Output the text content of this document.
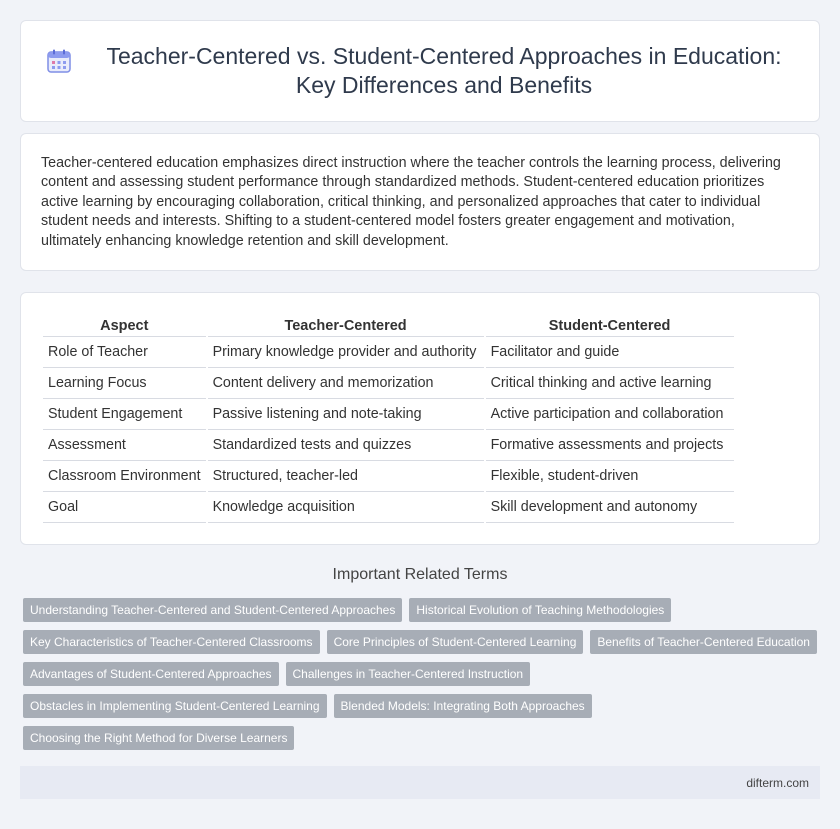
Teacher-Centered vs. Student-Centered Approaches in Education: Key Differences and Benefits

Teacher-centered education emphasizes direct instruction where the teacher controls the learning process, delivering content and assessing student performance through standardized methods. Student-centered education prioritizes active learning by encouraging collaboration, critical thinking, and personalized approaches that cater to individual student needs and interests. Shifting to a student-centered model fosters greater engagement and motivation, ultimately enhancing knowledge retention and skill development.

Aspect	Teacher-Centered	Student-Centered
Role of Teacher	Primary knowledge provider and authority	Facilitator and guide
Learning Focus	Content delivery and memorization	Critical thinking and active learning
Student Engagement	Passive listening and note-taking	Active participation and collaboration
Assessment	Standardized tests and quizzes	Formative assessments and projects
Classroom Environment	Structured, teacher-led	Flexible, student-driven
Goal	Knowledge acquisition	Skill development and autonomy
Important Related Terms
Understanding Teacher-Centered and Student-Centered Approaches	Historical Evolution of Teaching Methodologies
Key Characteristics of Teacher-Centered Classrooms	Core Principles of Student-Centered Learning	Benefits of Teacher-Centered Education
Advantages of Student-Centered Approaches	Challenges in Teacher-Centered Instruction
Obstacles in Implementing Student-Centered Learning	Blended Models: Integrating Both Approaches
Choosing the Right Method for Diverse Learners
difterm.com
